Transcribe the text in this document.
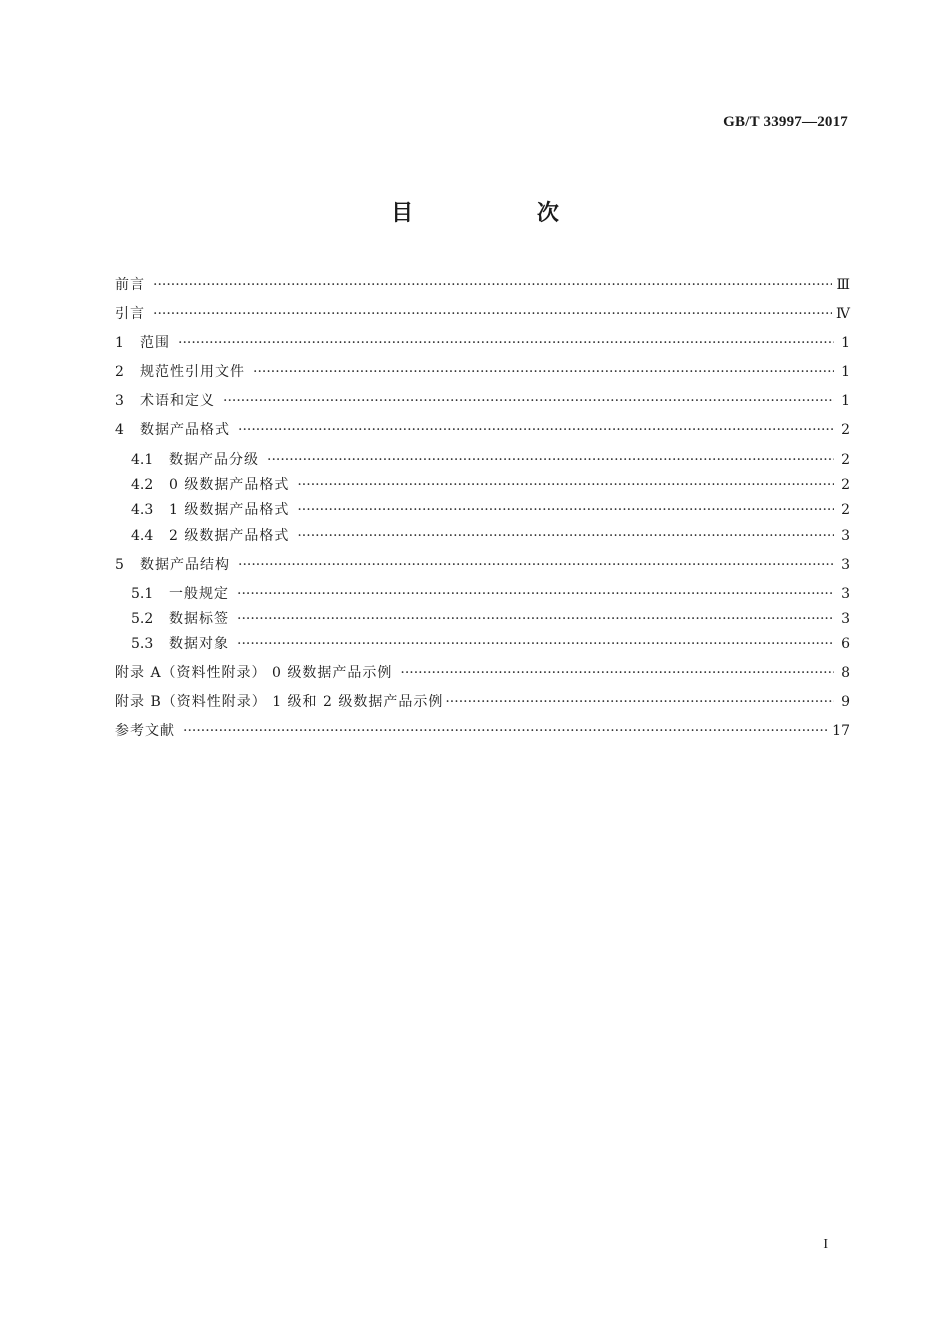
GB/T 33997—2017
目 次
前言 ·····	Ⅲ
引言 ·····	Ⅳ
1	范围 ·····	1
2	规范性引用文件 ·····	1
3	术语和定义 ·····	1
4	数据产品格式 ·····	2
4.1	数据产品分级 ·····	2
4.2	0 级数据产品格式 ·····	2
4.3	1 级数据产品格式 ·····	2
4.4	2 级数据产品格式 ·····	3
5	数据产品结构 ·····	3
5.1	一般规定 ·····	3
5.2	数据标签 ·····	3
5.3	数据对象 ·····	6
附录 A（资料性附录） 0 级数据产品示例 ·····	8
附录 B（资料性附录） 1 级和 2 级数据产品示例 ·····	9
参考文献 ·····	17
I
